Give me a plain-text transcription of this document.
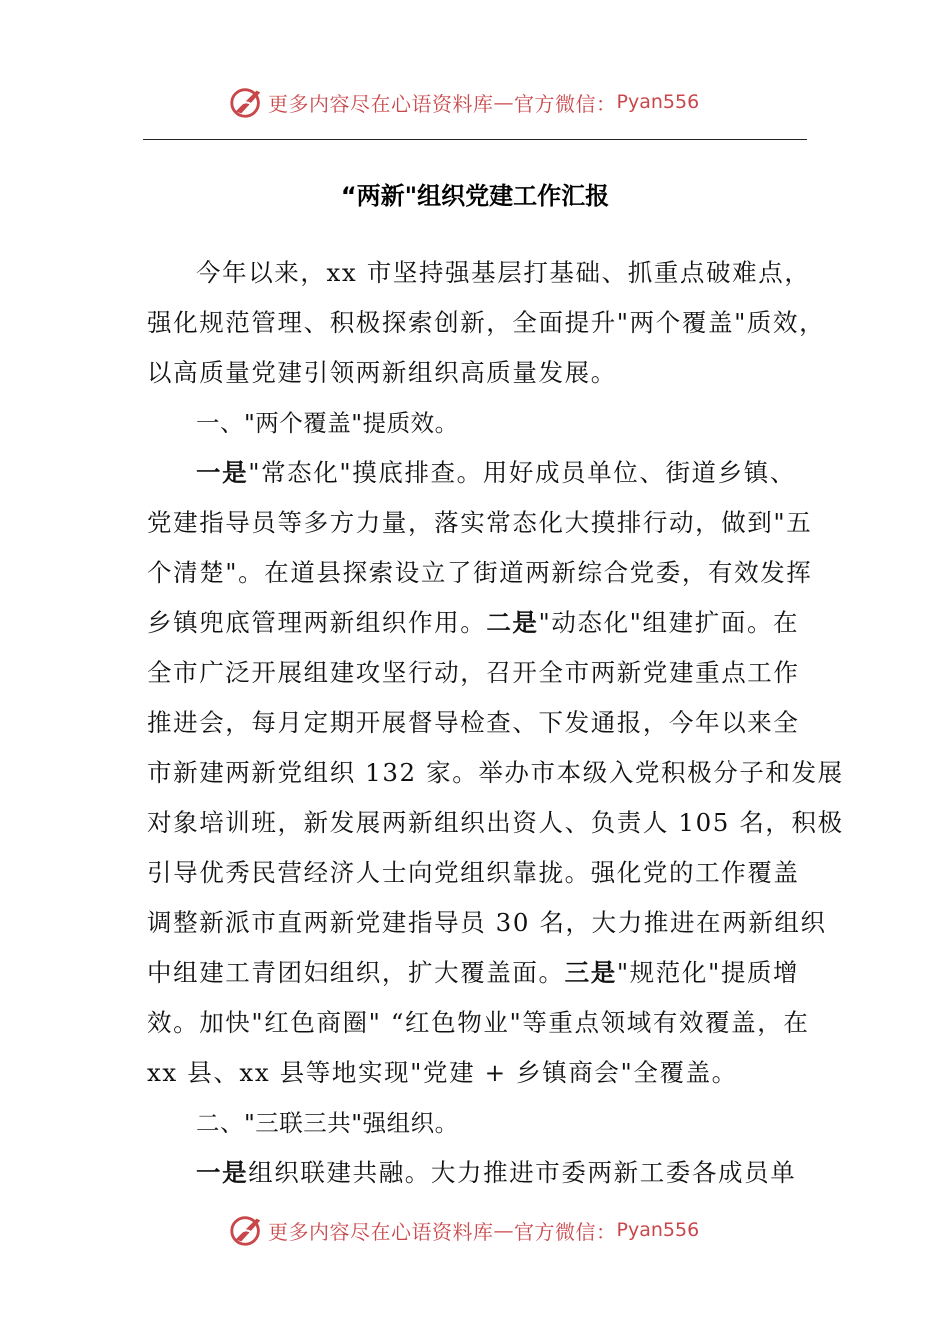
更多内容尽在心语资料库 — 官方微信： Pyan556
“两新"组织党建工作汇报
今年以来，xx 市坚持强基层打基础、抓重点破难点，
强化规范管理、积极探索创新，全面提升"两个覆盖"质效，
以高质量党建引领两新组织高质量发展。
一、"两个覆盖"提质效。
一是"常态化"摸底排查。用好成员单位、街道乡镇、
党建指导员等多方力量，落实常态化大摸排行动，做到"五
个清楚"。在道县探索设立了街道两新综合党委，有效发挥
乡镇兜底管理两新组织作用。二是"动态化"组建扩面。在
全市广泛开展组建攻坚行动，召开全市两新党建重点工作
推进会，每月定期开展督导检查、下发通报，今年以来全
市新建两新党组织 132 家。举办市本级入党积极分子和发展
对象培训班，新发展两新组织出资人、负责人 105 名，积极
引导优秀民营经济人士向党组织靠拢。强化党的工作覆盖
调整新派市直两新党建指导员 30 名，大力推进在两新组织
中组建工青团妇组织，扩大覆盖面。三是"规范化"提质增
效。加快"红色商圈" “红色物业"等重点领域有效覆盖，在
xx 县、xx 县等地实现"党建 + 乡镇商会"全覆盖。
二、"三联三共"强组织。
一是组织联建共融。大力推进市委两新工委各成员单
更多内容尽在心语资料库 — 官方微信： Pyan556
